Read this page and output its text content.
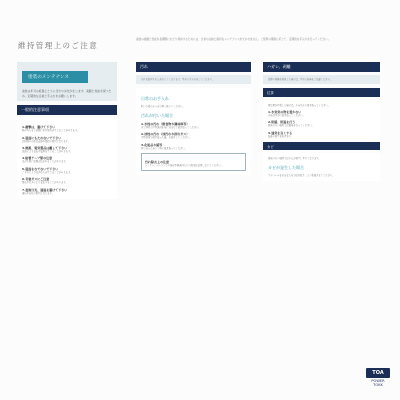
維持管理上のご注意
塗装の美観と性能を長期間にわたり保持するためには、日常の点検と適切なメンテナンスが欠かせません。ご使用の環境に応じて、定期的な手入れを行ってください。
塗装のメンテナンス
塗装は年月の経過とともに汚れや劣化が生じます。美観と性能を保つため、定期的な点検と手入れをお願いします。
一般的注意事項
1.衝撃は、避けて下さい
物が当たると塗膜に傷や割れが生じることがあります。
2.塗面にもたれないで下さい
長時間の荷重は変形や損傷の原因となります。
3.熱源、電気製品は離して下さい
高温により変色や変形を生じることがあります。
4.粘着テープ類の注意
はがす際に塗膜がはがれることがあります。
5.塗面をなでないで下さい
こすれにより光沢むらが生じることがあります。
6.有害ガスにご注意
薬品やガスにより変色することがあります。
7.直射日光、過湿を避けて下さい
退色や劣化の原因となります。
汚れ
汚れを放置すると落ちにくくなります。早めに手入れをしてください。
日常のお手入れ
乾いた柔らかい布で軽く拭いてください。
汚れが付いた場合
1.水性の汚れ（飲食物や調味料等）
水で薄めた中性洗剤を布に含ませて拭き取ってください。
2.油性の汚れ（油汚れや排出ガス）
中性洗剤で拭き取った後、水拭きしてください。
3.化粧品や錆等
固く絞った布で丁寧に拭き取ってください。
汚れ除去上の注意
シンナー、ベンジン等の溶剤や研磨剤入りの洗剤は使用しないでください。
ハガレ、剥離
塗膜の剥離を発見した場合は、早めに補修をご依頼ください。
紅茶
薬品類が付着した場合は、すみやかに拭き取ってください。
1.水気気の物を置かない
水滴は早めに拭き取ってください。
2.防錆、防湿を行う
湿気の多い場所では換気を行ってください。
3.通気を良くする
結露の発生を防ぎます。
カビ
湿気の多い場所ではカビが発生しやすくなります。
カビが発生した場合
アルコールを含ませた布で拭き取り、よく乾燥させてください。
TOA
POWER
TOKK
